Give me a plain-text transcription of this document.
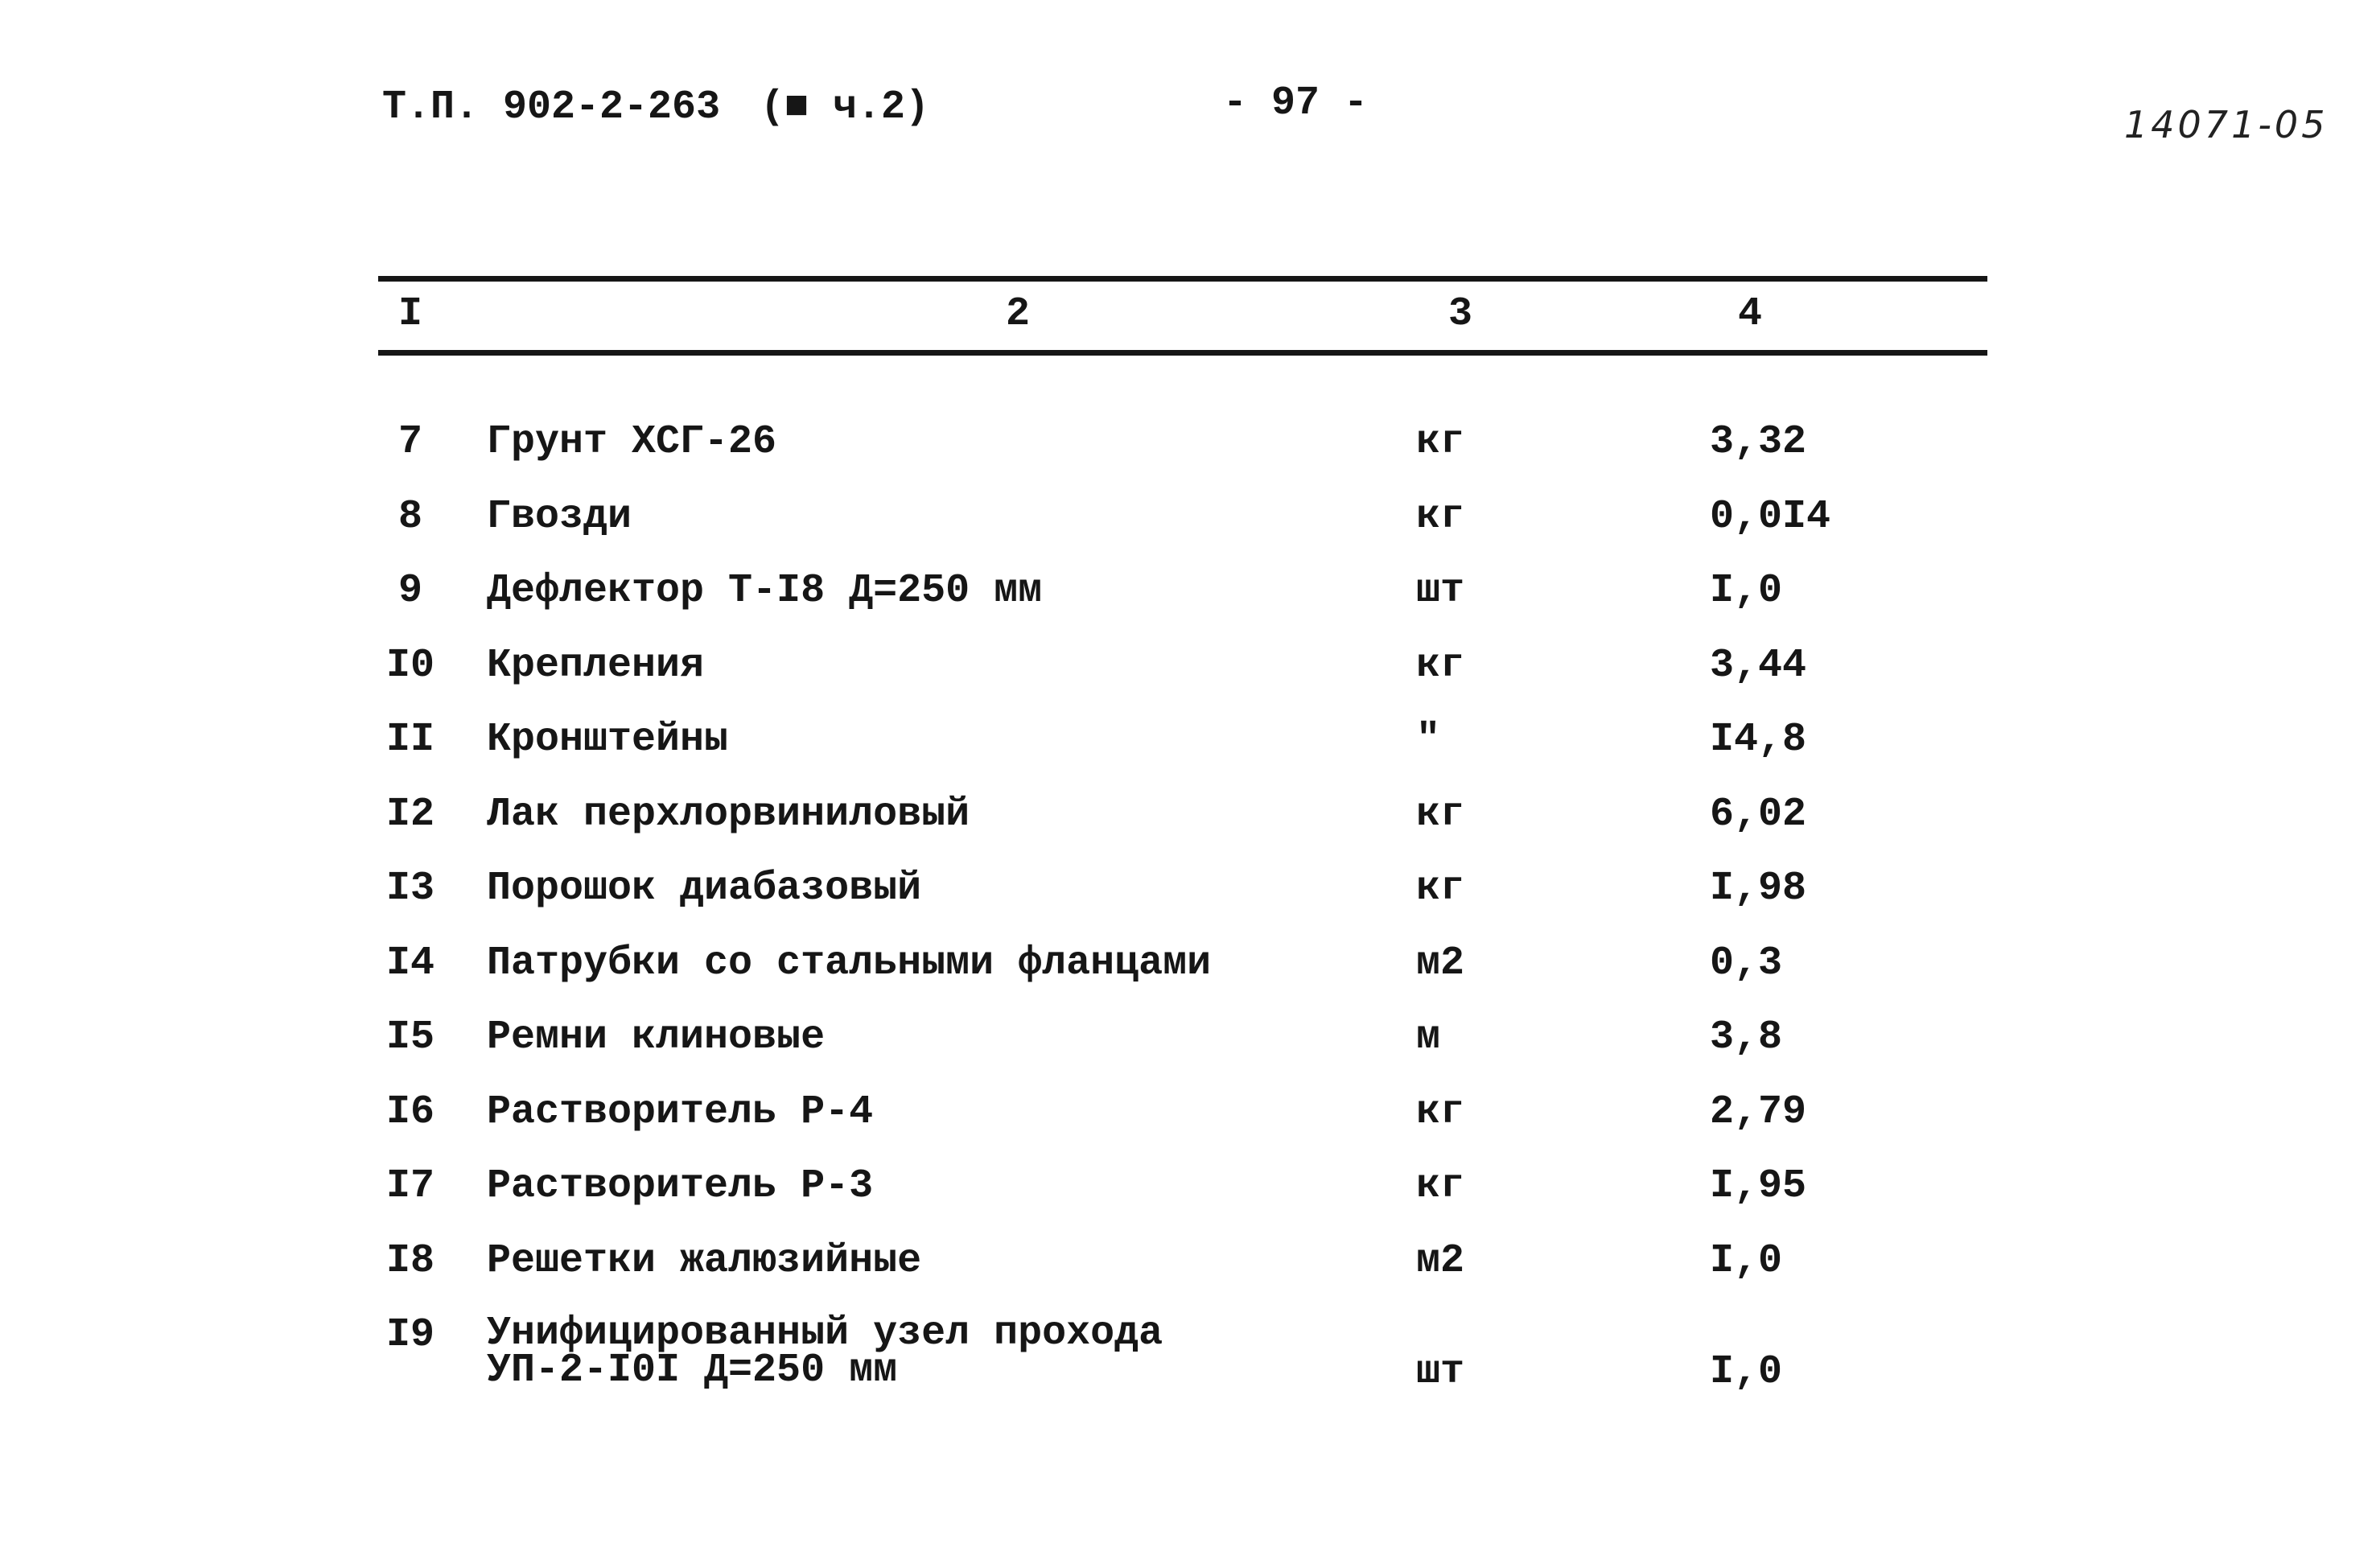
Т.П. 902-2-263 (■ ч.2)	- 97 -	14071-05
I	2	3	4
7	Грунт ХСГ-26	кг	3,32
8	Гвозди	кг	0,0I4
9	Дефлектор Т-I8 Д=250 мм	шт	I,0
I0 Крепления	кг	3,44
II Кронштейны	"	I4,8
I2 Лак перхлорвиниловый	кг	6,02
I3 Порошок диабазовый	кг	I,98
I4 Патрубки со стальными фланцами	м2	0,3
I5 Ремни клиновые	м	3,8
I6 Растворитель Р-4	кг	2,79
I7 Растворитель Р-3	кг	I,95
I8 Решетки жалюзийные	м2	I,0
I9 Унифицированный узел прохода
УП-2-I0I Д=250 мм	шт	I,0
